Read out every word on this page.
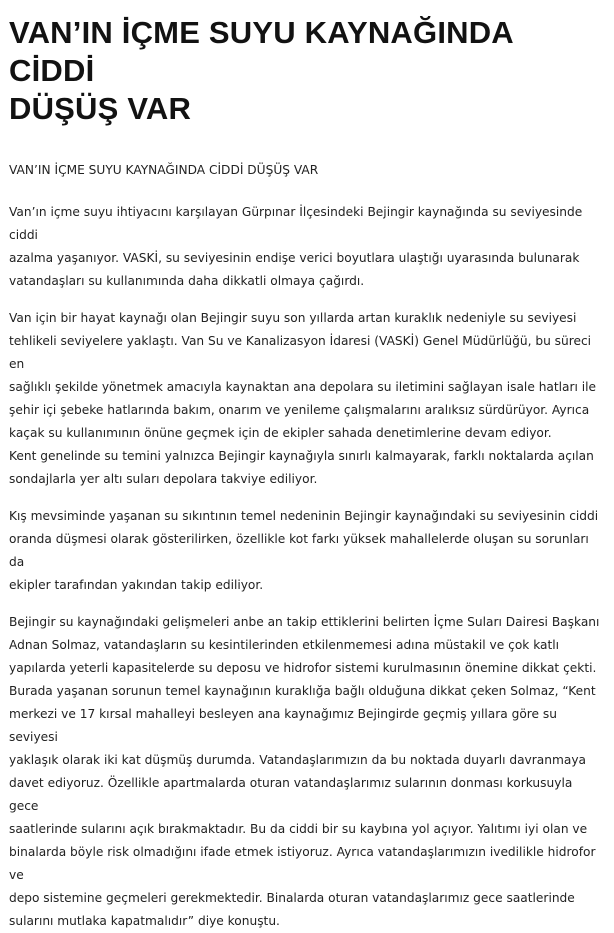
VAN’IN İÇME SUYU KAYNAĞINDA CİDDİ
DÜŞÜŞ VAR
VAN’IN İÇME SUYU KAYNAĞINDA CİDDİ DÜŞÜŞ VAR
Van’ın içme suyu ihtiyacını karşılayan Gürpınar İlçesindeki Bejingir kaynağında su seviyesinde ciddi
azalma yaşanıyor. VASKİ, su seviyesinin endişe verici boyutlara ulaştığı uyarasında bulunarak
vatandaşları su kullanımında daha dikkatli olmaya çağırdı.
Van için bir hayat kaynağı olan Bejingir suyu son yıllarda artan kuraklık nedeniyle su seviyesi
tehlikeli seviyelere yaklaştı. Van Su ve Kanalizasyon İdaresi (VASKİ) Genel Müdürlüğü, bu süreci en
sağlıklı şekilde yönetmek amacıyla kaynaktan ana depolara su iletimini sağlayan isale hatları ile
şehir içi şebeke hatlarında bakım, onarım ve yenileme çalışmalarını aralıksız sürdürüyor. Ayrıca
kaçak su kullanımının önüne geçmek için de ekipler sahada denetimlerine devam ediyor.
Kent genelinde su temini yalnızca Bejingir kaynağıyla sınırlı kalmayarak, farklı noktalarda açılan
sondajlarla yer altı suları depolara takviye ediliyor.
Kış mevsiminde yaşanan su sıkıntının temel nedeninin Bejingir kaynağındaki su seviyesinin ciddi
oranda düşmesi olarak gösterilirken, özellikle kot farkı yüksek mahallelerde oluşan su sorunları da
ekipler tarafından yakından takip ediliyor.
Bejingir su kaynağındaki gelişmeleri anbe an takip ettiklerini belirten İçme Suları Dairesi Başkanı
Adnan Solmaz, vatandaşların su kesintilerinden etkilenmemesi adına müstakil ve çok katlı
yapılarda yeterli kapasitelerde su deposu ve hidrofor sistemi kurulmasının önemine dikkat çekti.
Burada yaşanan sorunun temel kaynağının kuraklığa bağlı olduğuna dikkat çeken Solmaz, “Kent
merkezi ve 17 kırsal mahalleyi besleyen ana kaynağımız Bejingirde geçmiş yıllara göre su seviyesi
yaklaşık olarak iki kat düşmüş durumda. Vatandaşlarımızın da bu noktada duyarlı davranmaya
davet ediyoruz. Özellikle apartmalarda oturan vatandaşlarımız sularının donması korkusuyla gece
saatlerinde sularını açık bırakmaktadır. Bu da ciddi bir su kaybına yol açıyor. Yalıtımı iyi olan ve
binalarda böyle risk olmadığını ifade etmek istiyoruz. Ayrıca vatandaşlarımızın ivedilikle hidrofor ve
depo sistemine geçmeleri gerekmektedir. Binalarda oturan vatandaşlarımız gece saatlerinde
sularını mutlaka kapatmalıdır” diye konuştu.
